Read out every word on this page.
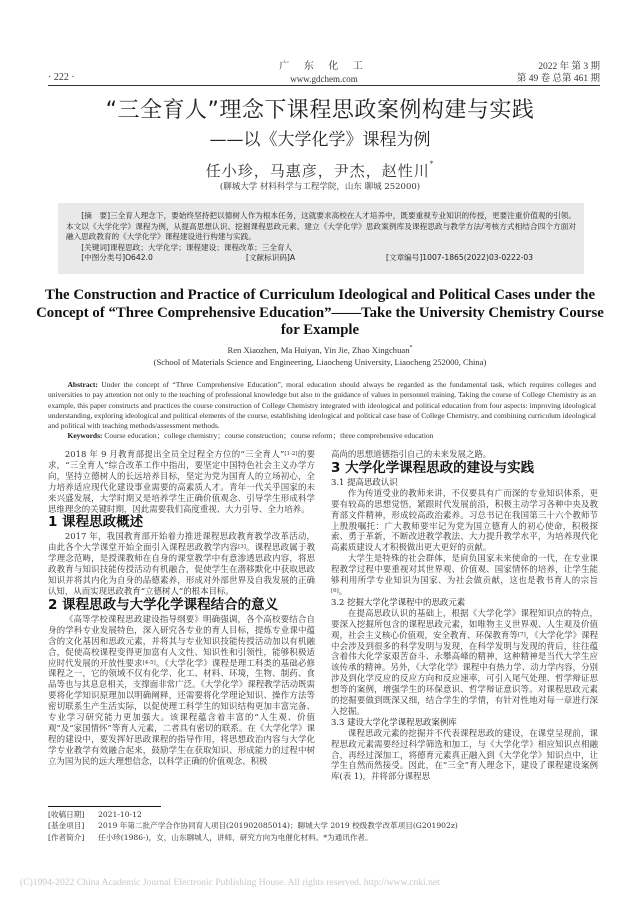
· 222 ·
广 东 化 工
www.gdchem.com
2022 年 第 3 期
第 49 卷 总第 461 期
“三全育人”理念下课程思政案例构建与实践
——以《大学化学》课程为例
任小珍，马惠彦，尹杰，赵性川*
(聊城大学 材料科学与工程学院，山东 聊城 252000)

[摘　要]三全育人理念下，要始终坚持把以德树人作为根本任务，这就要求高校在人才培养中，既要重视专业知识的传授，更要注重价值观的引领。本文以《大学化学》课程为例，从提高思想认识、挖掘课程思政元素、建立《大学化学》思政案例库及课程思政与教学方法/考核方式相结合四个方面对融入思政教育的《大学化学》课程建设进行构建与实践。

[关键词]课程思政；大学化学；课程建设；课程改革；三全育人
[中图分类号]O642.0	[文献标识码]A	[文章编号]1007-1865(2022)03-0222-03
The Construction and Practice of Curriculum Ideological and Political Cases under the Concept of “Three Comprehensive Education”——Take the University Chemistry Course for Example
Ren Xiaozhen, Ma Huiyan, Yin Jie, Zhao Xingchuan*
(School of Materials Science and Engineering, Liaocheng University, Liaocheng 252000, China)

Abstract: Under the concept of “Three Comprehensive Education”, moral education should always be regarded as the fundamental task, which requires colleges and universities to pay attention not only to the teaching of professional knowledge but also to the guidance of values in personnel training. Taking the course of College Chemistry as an example, this paper constructs and practices the course construction of College Chemistry integrated with ideological and political education from four aspects: improving ideological understanding, exploring ideological and political elements of the course, establishing ideological and political case base of College Chemistry, and combining curriculum ideological and political with teaching methods/assessment methods.

Keywords: Course education；college chemistry；course construction；course reform；three comprehensive education

2018 年 9 月教育部提出全员全过程全方位的“三全育人”[1-2]的要求，“三全育人”综合改革工作中指出，要坚定中国特色社会主义办学方向，坚持立德树人的长远培养目标，坚定为党为国育人的立场初心，全力培养适应现代化建设事业需要的高素质人才。青年一代关乎国家的未来兴盛发展，大学时期又是培养学生正确价值观念、引导学生形成科学思维理念的关键时期，因此需要我们高度重视、大力引导、全力培养。

1 课程思政概述

2017 年，我国教育部开始着力推进课程思政教育教学改革活动，由此各个大学课堂开始全面引入课程思政教学内容[3]。课程思政属于教学理念范畴，是授课教师在自身的课堂教学中有意渗透思政内容，将思政教育与知识技能传授活动有机融合，促使学生在潜移默化中获取思政知识并将其内化为自身的品德素养，形成对外部世界及自我发展的正确认知，从而实现思政教育“立德树人”的根本目标。

2 课程思政与大学化学课程结合的意义

《高等学校课程思政建设指导纲要》明确强调，各个高校要结合自身的学科专业发展特色，深入研究各专业的育人目标，提炼专业课中蕴含的文化基因和思政元素，并将其与专业知识技能传授活动加以有机融合，促使高校课程变得更加富有人文性、知识性和引领性，能够积极适应时代发展的开放性要求[4-5]。《大学化学》课程是理工科类的基础必修课程之一，它的领域不仅有化学、化工、材料、环境，生物、制药、食品等也与其息息相关，支撑面非常广泛。《大学化学》课程教学活动既需要将化学知识原理加以明确阐释，还需要将化学理论知识、操作方法等密切联系生产生活实际，以促使理工科学生的知识结构更加丰富完备、专业学习研究能力更加强大。该课程蕴含着丰富的“人生观、价值观”及“家国情怀”等育人元素，二者具有密切的联系。在《大学化学》课程的建设中，要发挥好思政课程的指导作用，将思想政治内容与大学化学专业教学有效融合起来，鼓励学生在获取知识、形成能力的过程中树立为国为民的远大理想信念，以科学正确的价值观念、积极

高尚的思想道德指引自己的未来发展之路。

3 大学化学课程思政的建设与实践
3.1 提高思政认识

作为传道受业的教师来讲，不仅要具有广而深的专业知识体系，更要有较高的思想觉悟，紧跟时代发展前沿，积极主动学习各种中央及教育部文件精神，形成较高政治素养。习总书记在我国第三十六个教师节上殷殷嘱托：广大教师要牢记为党为国立德育人的初心使命，积极探索、勇于革新，不断改进教学教法、大力提升教学水平，为培养现代化高素质建设人才积极做出更大更好的贡献。

大学生是特殊的社会群体，是肩负国家未来使命的一代，在专业课程教学过程中要重视对其世界观、价值观、国家情怀的培养，让学生能够利用所学专业知识为国家、为社会做贡献，这也是教书育人的宗旨[6]。

3.2 挖掘大学化学课程中的思政元素

在提高思政认识的基础上，根据《大学化学》课程知识点的特点，要深入挖掘所包含的课程思政元素，如唯物主义世界观、人生观及价值观，社会主义核心价值观，安全教育、环保教育等[7]，《大学化学》课程中会涉及到很多的科学发明与发现，在科学发明与发现的背后，往往蕴含着伟大化学家艰苦奋斗、永攀高峰的精神，这种精神是当代大学生应该传承的精神。另外，《大学化学》课程中有热力学、动力学内容，分别涉及到化学反应的反应方向和反应速率，可引入尾气处理、哲学辩证思想等的案例，增强学生的环保意识、哲学辩证意识等。对课程思政元素的挖掘要做到既深又细，结合学生的学情，有针对性地对每一章进行深入挖掘。

3.3 建设大学化学课程思政案例库

课程思政元素的挖掘并不代表课程思政的建设，在课堂呈现前，课程思政元素需要经过科学筛选和加工，与《大学化学》相应知识点相融合，再经过深加工，将德育元素真正融入到《大学化学》知识点中，让学生自然而然接受。因此，在“三全”育人理念下，建设了课程建设案例库(表 1)，并将部分课程思

[收稿日期]	2021-10-12
[基金项目]	2019 年第二批产学合作协同育人项目(201902085014)；聊城大学 2019 校级教学改革项目(G201902z)
[作者简介]	任小珍(1986-)，女，山东聊城人，讲师，研究方向为电催化材料。*为通讯作者。
(C)1994-2022 China Academic Journal Electronic Publishing House. All rights reserved. http://www.cnki.net
